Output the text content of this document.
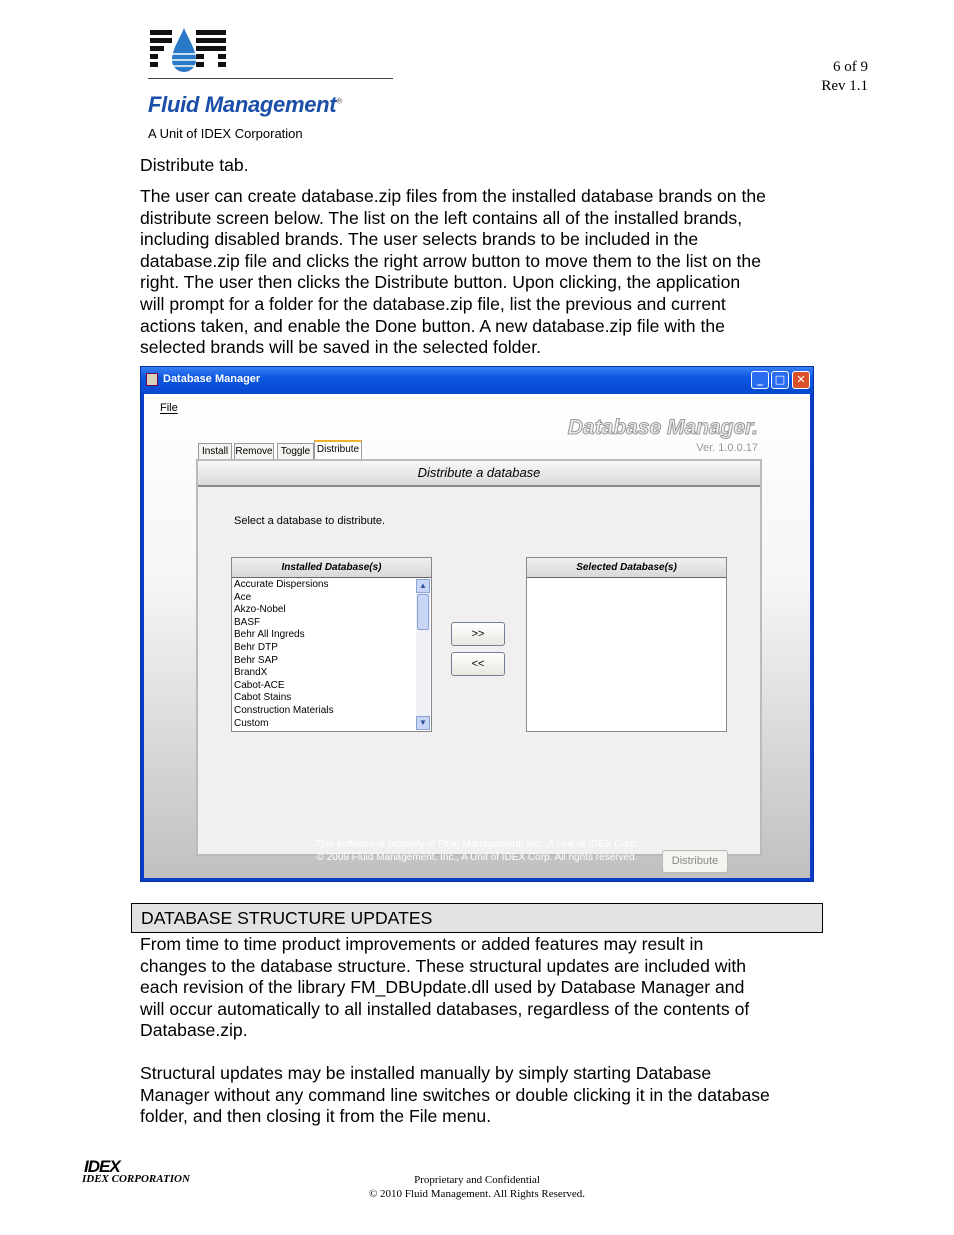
Fluid Management®
A Unit of IDEX Corporation
6 of 9
Rev 1.1
Distribute tab.
The user can create database.zip files from the installed database brands on the
distribute screen below. The list on the left contains all of the installed brands,
including disabled brands. The user selects brands to be included in the
database.zip file and clicks the right arrow button to move them to the list on the
right. The user then clicks the Distribute button. Upon clicking, the application
will prompt for a folder for the database.zip file, list the previous and current
actions taken, and enable the Done button. A new database.zip file with the
selected brands will be saved in the selected folder.
Database Manager	_	□	✕
File
Database Manager.
Ver. 1.0.0.17
Install Remove Toggle Distribute
Distribute a database
Select a database to distribute.
Installed Database(s)
Accurate Dispersions
Ace
Akzo-Nobel
BASF
Behr All Ingreds
Behr DTP
Behr SAP
BrandX
Cabot-ACE
Cabot Stains
Construction Materials
Custom
▲
▼
>>
<<
Selected Database(s)
Distribute
This software is property of Fluid Management, Inc., A Unit of IDEX Corp.
© 2009 Fluid Management, Inc., A Unit of IDEX Corp. All rights reserved.
DATABASE STRUCTURE UPDATES
From time to time product improvements or added features may result in
changes to the database structure. These structural updates are included with
each revision of the library FM_DBUpdate.dll used by Database Manager and
will occur automatically to all installed databases, regardless of the contents of
Database.zip.
Structural updates may be installed manually by simply starting Database
Manager without any command line switches or double clicking it in the database
folder, and then closing it from the File menu.
IDEX
IDEX CORPORATION	Proprietary and Confidential
© 2010 Fluid Management. All Rights Reserved.
